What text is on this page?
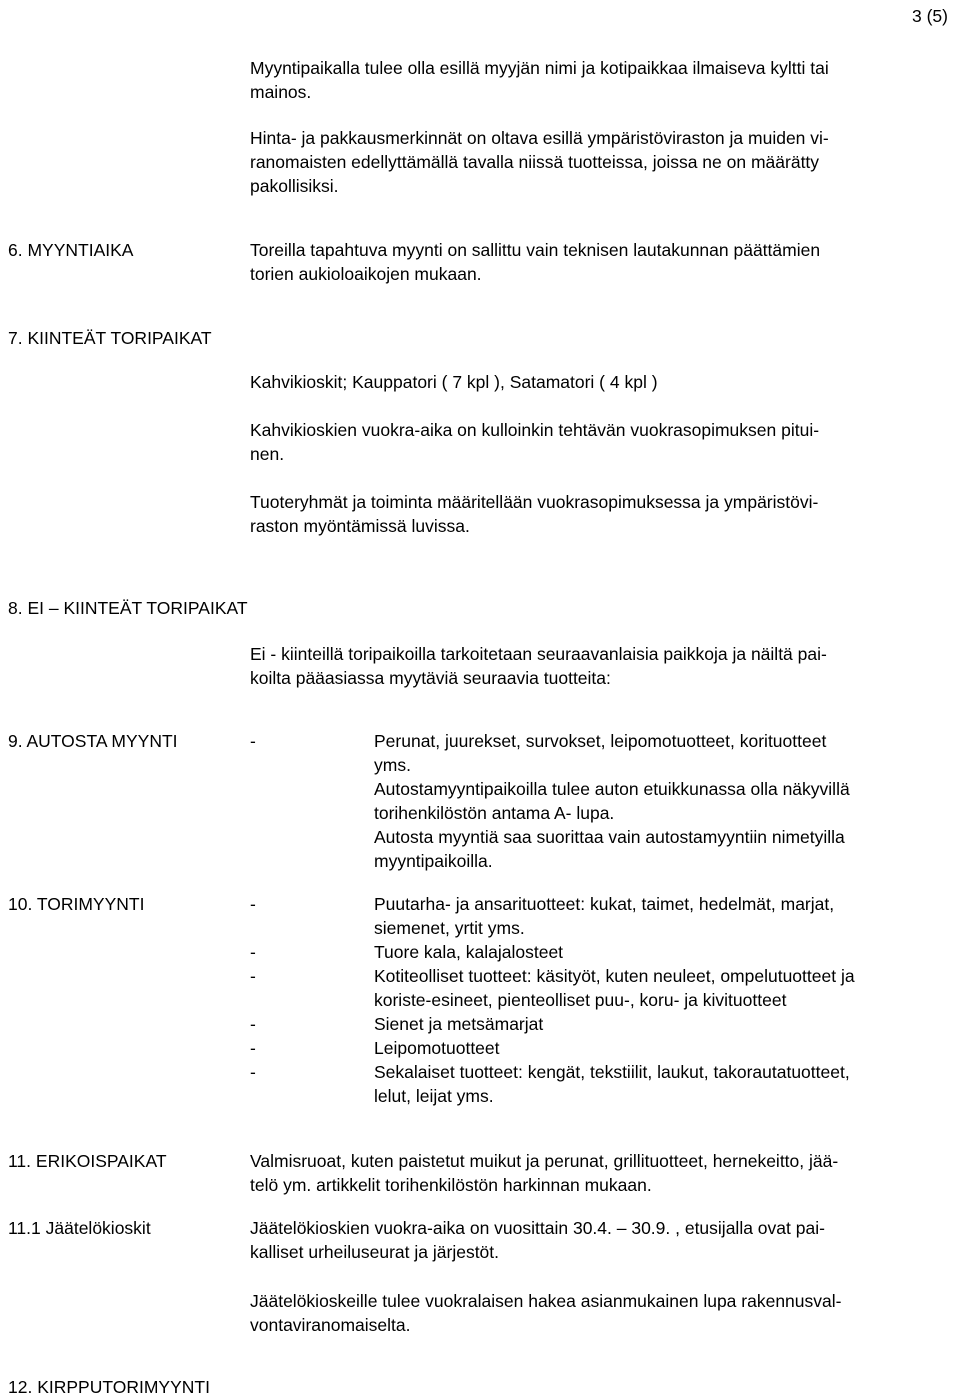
3 (5)
Myyntipaikalla tulee olla esillä myyjän nimi ja kotipaikkaa ilmaiseva kyltti tai
mainos.
Hinta- ja pakkausmerkinnät on oltava esillä ympäristöviraston ja muiden vi-
ranomaisten edellyttämällä tavalla niissä tuotteissa, joissa ne on määrätty
pakollisiksi.
6. MYYNTIAIKA	Toreilla tapahtuva myynti on sallittu vain teknisen lautakunnan päättämien
torien aukioloaikojen mukaan.
7. KIINTEÄT TORIPAIKAT
Kahvikioskit; Kauppatori ( 7 kpl ), Satamatori ( 4 kpl )
Kahvikioskien vuokra-aika on kulloinkin tehtävän vuokrasopimuksen pitui-
nen.
Tuoteryhmät ja toiminta määritellään vuokrasopimuksessa ja ympäristövi-
raston myöntämissä luvissa.
8. EI – KIINTEÄT TORIPAIKAT
Ei - kiinteillä toripaikoilla tarkoitetaan seuraavanlaisia paikkoja ja näiltä pai-
koilta pääasiassa myytäviä seuraavia tuotteita:
9. AUTOSTA MYYNTI	-	Perunat, juurekset, survokset, leipomotuotteet, korituotteet
yms.
Autostamyyntipaikoilla tulee auton etuikkunassa olla näkyvillä
torihenkilöstön antama A- lupa.
Autosta myyntiä saa suorittaa vain autostamyyntiin nimetyilla
myyntipaikoilla.
10. TORIMYYNTI	-	Puutarha- ja ansarituotteet: kukat, taimet, hedelmät, marjat,
siemenet, yrtit yms.
-	Tuore kala, kalajalosteet
-	Kotiteolliset tuotteet: käsityöt, kuten neuleet, ompelutuotteet ja
koriste-esineet, pienteolliset puu-, koru- ja kivituotteet
-	Sienet ja metsämarjat
-	Leipomotuotteet
-	Sekalaiset tuotteet: kengät, tekstiilit, laukut, takorautatuotteet,
lelut, leijat yms.
11. ERIKOISPAIKAT	Valmisruoat, kuten paistetut muikut ja perunat, grillituotteet, hernekeitto, jää-
telö ym. artikkelit torihenkilöstön harkinnan mukaan.
11.1 Jäätelökioskit	Jäätelökioskien vuokra-aika on vuosittain 30.4. – 30.9. , etusijalla ovat pai-
kalliset urheiluseurat ja järjestöt.
Jäätelökioskeille tulee vuokralaisen hakea asianmukainen lupa rakennusval-
vontaviranomaiselta.
12. KIRPPUTORIMYYNTI
